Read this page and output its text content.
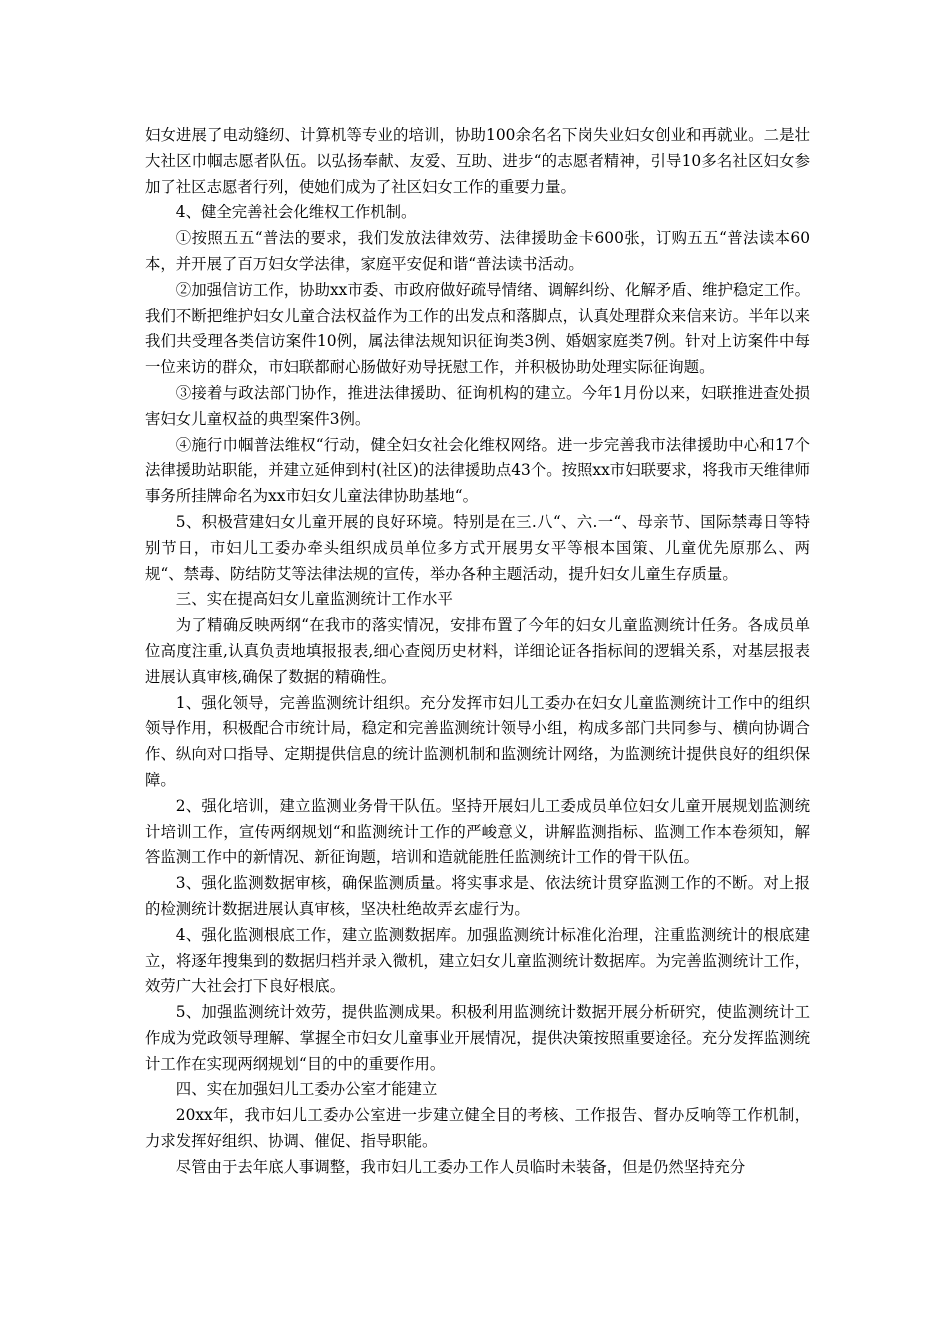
妇女进展了电动缝纫、计算机等专业的培训，协助100余名名下岗失业妇女创业和再就业。二是壮大社区巾帼志愿者队伍。以弘扬奉献、友爱、互助、进步“的志愿者精神，引导10多名社区妇女参加了社区志愿者行列，使她们成为了社区妇女工作的重要力量。

4、健全完善社会化维权工作机制。

①按照五五“普法的要求，我们发放法律效劳、法律援助金卡600张，订购五五“普法读本60本，并开展了百万妇女学法律，家庭平安促和谐“普法读书活动。

②加强信访工作，协助xx市委、市政府做好疏导情绪、调解纠纷、化解矛盾、维护稳定工作。我们不断把维护妇女儿童合法权益作为工作的出发点和落脚点，认真处理群众来信来访。半年以来我们共受理各类信访案件10例，属法律法规知识征询类3例、婚姻家庭类7例。针对上访案件中每一位来访的群众，市妇联都耐心肠做好劝导抚慰工作，并积极协助处理实际征询题。

③接着与政法部门协作，推进法律援助、征询机构的建立。今年1月份以来，妇联推进查处损害妇女儿童权益的典型案件3例。

④施行巾帼普法维权“行动，健全妇女社会化维权网络。进一步完善我市法律援助中心和17个法律援助站职能，并建立延伸到村(社区)的法律援助点43个。按照xx市妇联要求，将我市天维律师事务所挂牌命名为xx市妇女儿童法律协助基地“。

5、积极营建妇女儿童开展的良好环境。特别是在三.八“、六.一“、母亲节、国际禁毒日等特别节日，市妇儿工委办牵头组织成员单位多方式开展男女平等根本国策、儿童优先原那么、两规“、禁毒、防结防艾等法律法规的宣传，举办各种主题活动，提升妇女儿童生存质量。

三、实在提高妇女儿童监测统计工作水平

为了精确反映两纲“在我市的落实情况，安排布置了今年的妇女儿童监测统计任务。各成员单位高度注重,认真负责地填报报表,细心查阅历史材料，详细论证各指标间的逻辑关系，对基层报表进展认真审核,确保了数据的精确性。

1、强化领导，完善监测统计组织。充分发挥市妇儿工委办在妇女儿童监测统计工作中的组织领导作用，积极配合市统计局，稳定和完善监测统计领导小组，构成多部门共同参与、横向协调合作、纵向对口指导、定期提供信息的统计监测机制和监测统计网络，为监测统计提供良好的组织保障。

2、强化培训，建立监测业务骨干队伍。坚持开展妇儿工委成员单位妇女儿童开展规划监测统计培训工作，宣传两纲规划“和监测统计工作的严峻意义，讲解监测指标、监测工作本卷须知，解答监测工作中的新情况、新征询题，培训和造就能胜任监测统计工作的骨干队伍。

3、强化监测数据审核，确保监测质量。将实事求是、依法统计贯穿监测工作的不断。对上报的检测统计数据进展认真审核，坚决杜绝故弄玄虚行为。

4、强化监测根底工作，建立监测数据库。加强监测统计标准化治理，注重监测统计的根底建立，将逐年搜集到的数据归档并录入微机，建立妇女儿童监测统计数据库。为完善监测统计工作，效劳广大社会打下良好根底。

5、加强监测统计效劳，提供监测成果。积极利用监测统计数据开展分析研究，使监测统计工作成为党政领导理解、掌握全市妇女儿童事业开展情况，提供决策按照重要途径。充分发挥监测统计工作在实现两纲规划“目的中的重要作用。

四、实在加强妇儿工委办公室才能建立

20xx年，我市妇儿工委办公室进一步建立健全目的考核、工作报告、督办反响等工作机制，力求发挥好组织、协调、催促、指导职能。

尽管由于去年底人事调整，我市妇儿工委办工作人员临时未装备，但是仍然坚持充分
